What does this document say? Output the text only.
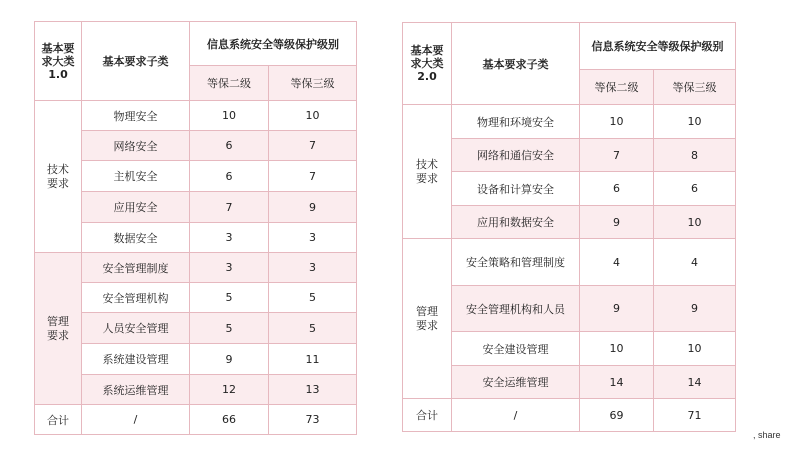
基本要求大类1.0	基本要求子类	信息系统安全等级保护级别	
		等保二级	等保三级
技术要求	物理安全	10	10
	网络安全	6	7
	主机安全	6	7
	应用安全	7	9
	数据安全	3	3
管理要求	安全管理制度	3	3
	安全管理机构	5	5
	人员安全管理	5	5
	系统建设管理	9	11
	系统运维管理	12	13
合计	/	66	73
基本要求大类2.0	基本要求子类	信息系统安全等级保护级别	
		等保二级	等保三级
技术要求	物理和环境安全	10	10
	网络和通信安全	7	8
	设备和计算安全	6	6
	应用和数据安全	9	10
管理要求	安全策略和管理制度	4	4
	安全管理机构和人员	9	9
	安全建设管理	10	10
	安全运维管理	14	14
合计	/	69	71
, share
